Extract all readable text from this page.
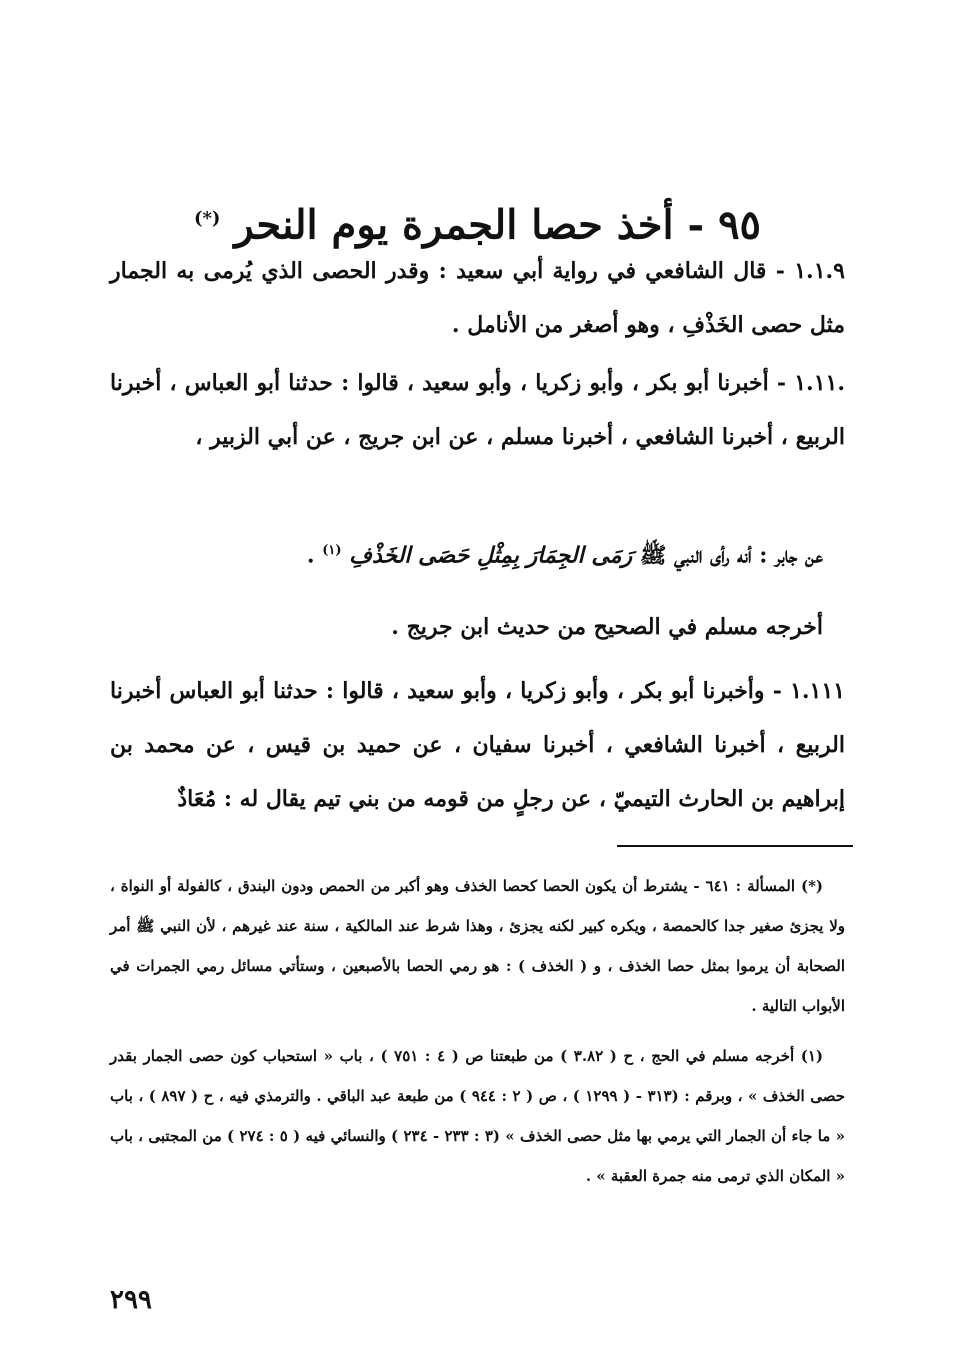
٩٥ - أخذ حصا الجمرة يوم النحر (*)

١.١.٩ - قال الشافعي في رواية أبي سعيد : وقدر الحصى الذي يُرمى به الجمار مثل حصى الخَذْفِ ، وهو أصغر من الأنامل .

.١.١١ - أخبرنا أبو بكر ، وأبو زكريا ، وأبو سعيد ، قالوا : حدثنا أبو العباس ، أخبرنا الربيع ، أخبرنا الشافعي ، أخبرنا مسلم ، عن ابن جريج ، عن أبي الزبير ،

عن جابر : أنه رأى النبي ﷺ رَمَى الجِمَارَ بِمِثْلِ حَصَى الخَذْفِ $^{(١)}$ .

أخرجه مسلم في الصحيح من حديث ابن جريج .

١.١١١ - وأخبرنا أبو بكر ، وأبو زكريا ، وأبو سعيد ، قالوا : حدثنا أبو العباس أخبرنا الربيع ، أخبرنا الشافعي ، أخبرنا سفيان ، عن حميد بن قيس ، عن محمد بن إبراهيم بن الحارث التيميّ ، عن رجلٍ من قومه من بني تيم يقال له : مُعَاذٌ

(*) المسألة : ٦٤١ - يشترط أن يكون الحصا كحصا الخذف وهو أكبر من الحمص ودون البندق ، كالفولة أو النواة ، ولا يجزئ صغير جدا كالحمصة ، ويكره كبير لكنه يجزئ ، وهذا شرط عند المالكية ، سنة عند غيرهم ، لأن النبي ﷺ أمر الصحابة أن يرموا بمثل حصا الخذف ، و ( الخذف ) : هو رمي الحصا بالأصبعين ، وستأتي مسائل رمي الجمرات في الأبواب التالية .

(١) أخرجه مسلم في الحج ، ح ( ٣.٨٢ ) من طبعتنا ص ( ٤ : ٧٥١ ) ، باب « استحباب كون حصى الجمار بقدر حصى الخذف » ، وبرقم : (٣١٣ - ( ١٢٩٩ ) ، ص ( ٢ : ٩٤٤ ) من طبعة عبد الباقي . والترمذي فيه ، ح ( ٨٩٧ ) ، باب « ما جاء أن الجمار التي يرمي بها مثل حصى الخذف » (٣ : ٢٣٣ - ٢٣٤ ) والنسائي فيه ( ٥ : ٢٧٤ ) من المجتبى ، باب « المكان الذي ترمى منه جمرة العقبة » .

٢٩٩
